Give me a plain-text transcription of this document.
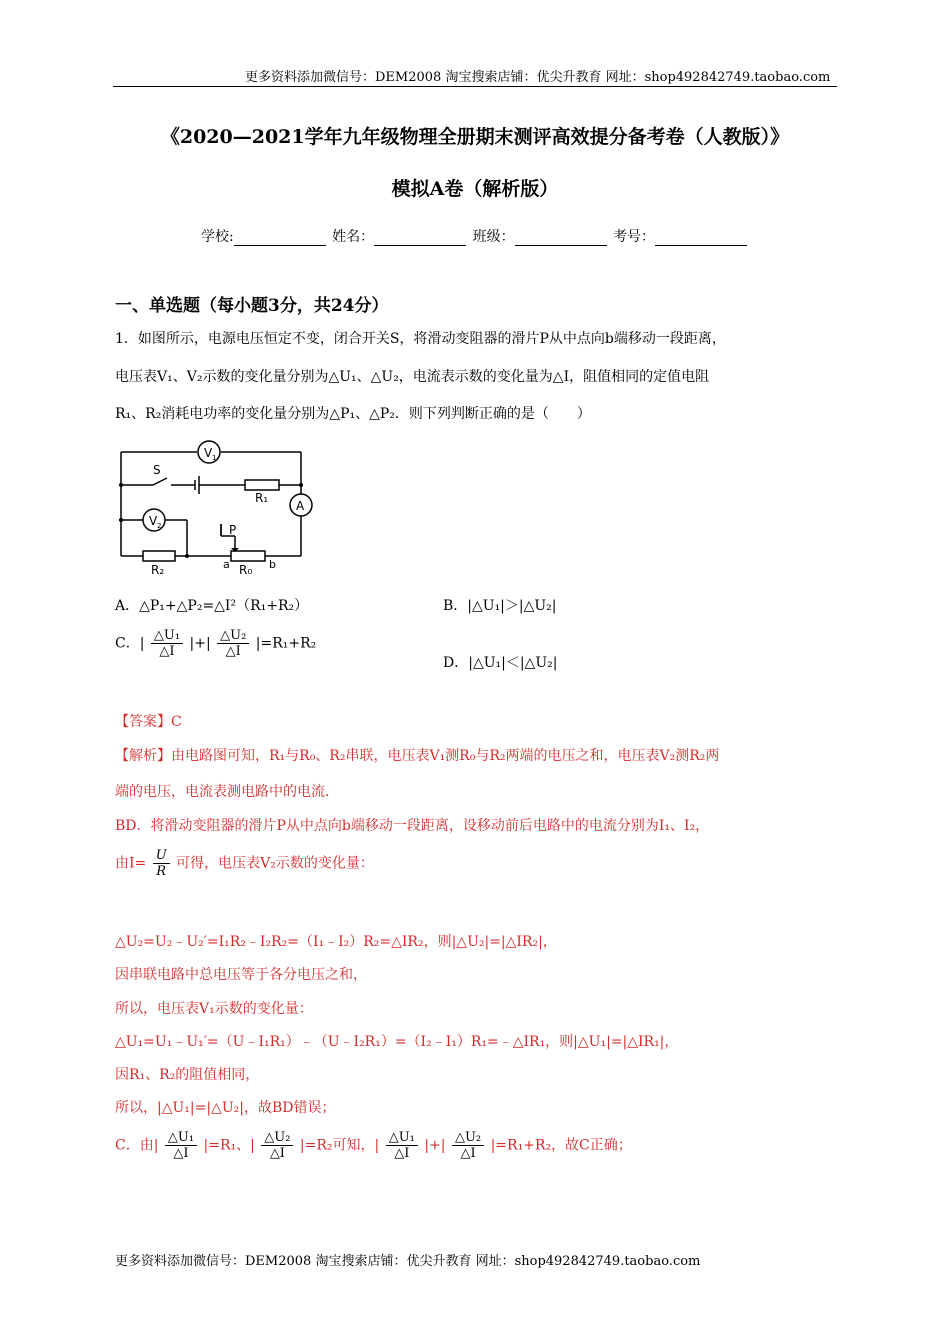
更多资料添加微信号：DEM2008 淘宝搜索店铺：优尖升教育 网址：shop492842749.taobao.com
《2020—2021学年九年级物理全册期末测评高效提分备考卷（人教版）》
模拟A卷（解析版）
学校:	姓名：	班级：	考号：
一、单选题（每小题3分，共24分）
1．如图所示，电源电压恒定不变，闭合开关S，将滑动变阻器的滑片P从中点向b端移动一段距离，
电压表V₁、V₂示数的变化量分别为△U₁、△U₂，电流表示数的变化量为△I，阻值相同的定值电阻
R₁、R₂消耗电功率的变化量分别为△P₁、△P₂．则下列判断正确的是（　　）
V 1
V 2
A
S
R₁
R₂	R₀
P
a	b
A．△P₁+△P₂=△I²（R₁+R₂）	B．|△U₁|＞|△U₂|
C．| $\frac{\text{△U₁}}{\triangle I}$ |+| $\frac{\text{△U₂}}{\triangle I} |=R_1+R_2$
D．|△U₁|＜|△U₂|
【答案】C
【解析】由电路图可知，R₁与R₀、R₂串联，电压表V₁测R₀与R₂两端的电压之和，电压表V₂测R₂两
端的电压，电流表测电路中的电流．
BD．将滑动变阻器的滑片P从中点向b端移动一段距离，设移动前后电路中的电流分别为I₁、I₂，
由$I= \frac{U}{R}$ 可得，电压表V₂示数的变化量：
△U₂=U₂﹣U₂′=I₁R₂﹣I₂R₂=（I₁﹣I₂）R₂=△IR₂，则|△U₂|=|△IR₂|，
因串联电路中总电压等于各分电压之和，
所以，电压表V₁示数的变化量：
△U₁=U₁﹣U₁′=（U﹣I₁R₁）﹣（U﹣I₂R₁）=（I₂﹣I₁）R₁=﹣△IR₁，则|△U₁|=|△IR₁|，
因R₁、R₂的阻值相同，
所以，|△U₁|=|△U₂|，故BD错误；
C．由| $\frac{\text{△U₁}}{\triangle I} |=R_1$、| $\frac{\text{△U₂}}{\triangle I} |=R_2$可知，| $\frac{\text{△U₁}}{\triangle I}$ |+| $\frac{\text{△U₂}}{\triangle I} |=R_1+R_2$，故C正确；
更多资料添加微信号：DEM2008 淘宝搜索店铺：优尖升教育 网址：shop492842749.taobao.com
